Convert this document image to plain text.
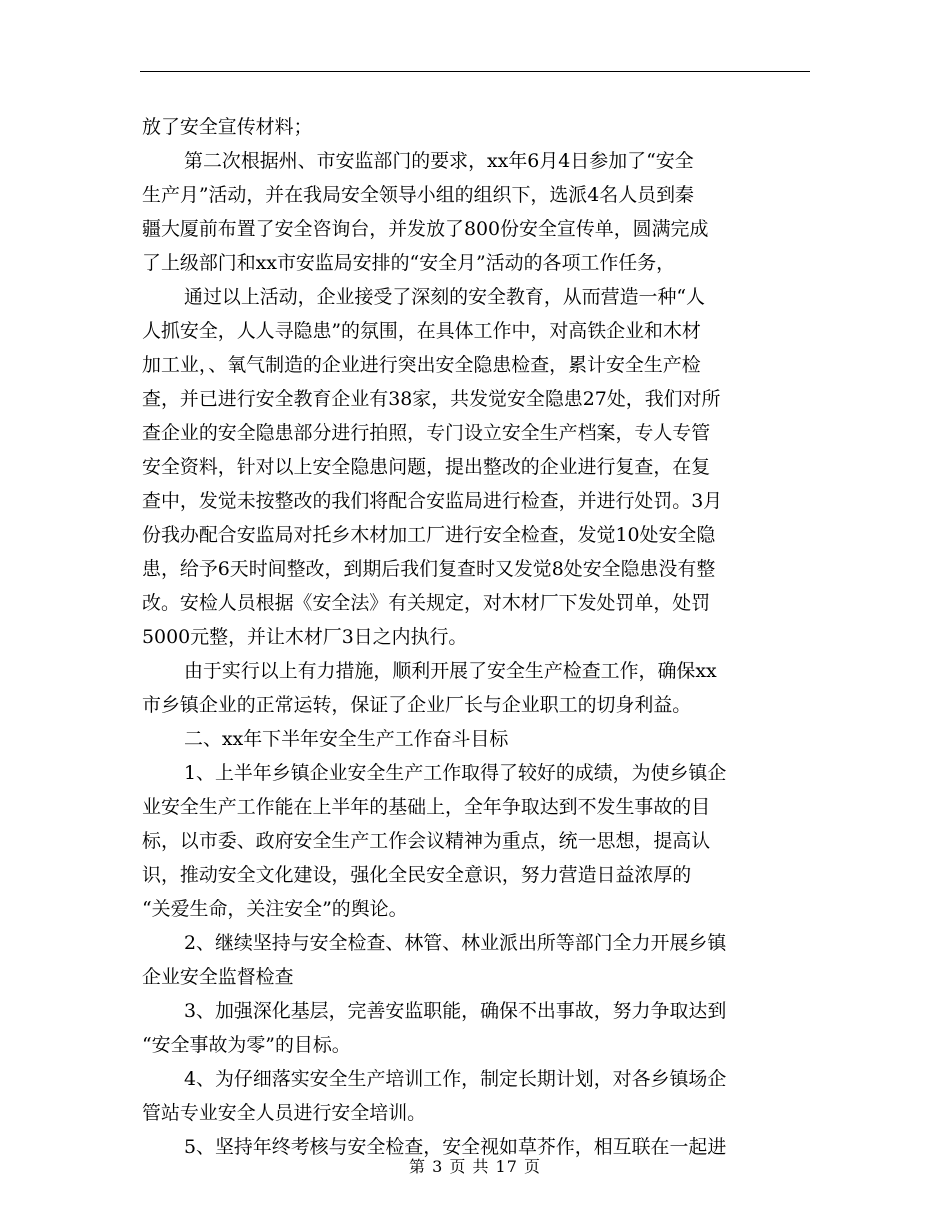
放了安全宣传材料；
第二次根据州、市安监部门的要求，xx年6月4日参加了“安全
生产月”活动，并在我局安全领导小组的组织下，选派4名人员到秦
疆大厦前布置了安全咨询台，并发放了800份安全宣传单，圆满完成
了上级部门和xx市安监局安排的“安全月”活动的各项工作任务，
通过以上活动，企业接受了深刻的安全教育，从而营造一种“人
人抓安全，人人寻隐患”的氛围，在具体工作中，对高铁企业和木材
加工业，、氧气制造的企业进行突出安全隐患检查，累计安全生产检
查，并已进行安全教育企业有38家，共发觉安全隐患27处，我们对所
查企业的安全隐患部分进行拍照，专门设立安全生产档案，专人专管
安全资料，针对以上安全隐患问题，提出整改的企业进行复查，在复
查中，发觉未按整改的我们将配合安监局进行检查，并进行处罚。3月
份我办配合安监局对托乡木材加工厂进行安全检查，发觉10处安全隐
患，给予6天时间整改，到期后我们复查时又发觉8处安全隐患没有整
改。安检人员根据《安全法》有关规定，对木材厂下发处罚单，处罚
5000元整，并让木材厂3日之内执行。
由于实行以上有力措施，顺利开展了安全生产检查工作，确保xx
市乡镇企业的正常运转，保证了企业厂长与企业职工的切身利益。
二、xx年下半年安全生产工作奋斗目标
1、上半年乡镇企业安全生产工作取得了较好的成绩，为使乡镇企
业安全生产工作能在上半年的基础上，全年争取达到不发生事故的目
标，以市委、政府安全生产工作会议精神为重点，统一思想，提高认
识，推动安全文化建设，强化全民安全意识，努力营造日益浓厚的
“关爱生命，关注安全”的舆论。
2、继续坚持与安全检查、林管、林业派出所等部门全力开展乡镇
企业安全监督检查
3、加强深化基层，完善安监职能，确保不出事故，努力争取达到
“安全事故为零”的目标。
4、为仔细落实安全生产培训工作，制定长期计划，对各乡镇场企
管站专业安全人员进行安全培训。
5、坚持年终考核与安全检查，安全视如草芥作，相互联在一起进
第 3 页 共 17 页
